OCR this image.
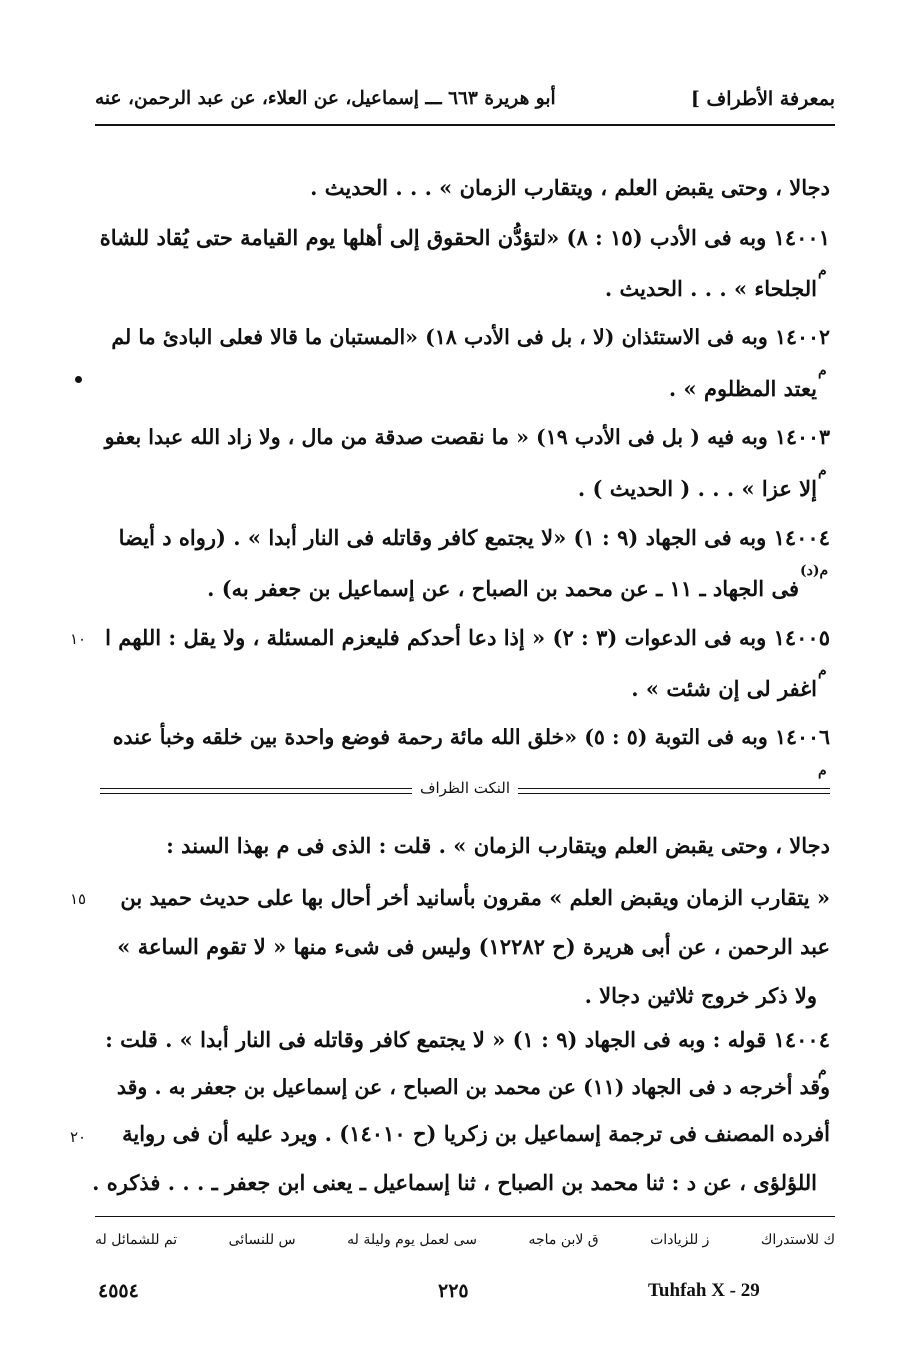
بمعرفة الأطراف ]
أبو هريرة ٦٦٣ ـــ إسماعيل، عن العلاء، عن عبد الرحمن، عنه
دجالا ، وحتى يقبض العلم ، ويتقارب الزمان » . . . الحديث .
١٤٠٠١ وبه فى الأدب (١٥ : ٨) «لتؤدُّن الحقوق إلى أهلها يوم القيامة حتى يُقاد للشاة
الجلحاء » . . . الحديث .
١٤٠٠٢ وبه فى الاستئذان (لا ، بل فى الأدب ١٨) «المستبان ما قالا فعلى البادئ ما لم
يعتد المظلوم » .
١٤٠٠٣ وبه فيه ( بل فى الأدب ١٩) « ما نقصت صدقة من مال ، ولا زاد الله عبدا بعفو
إلا عزا » . . . ( الحديث ) .
١٤٠٠٤ وبه فى الجهاد (٩ : ١) «لا يجتمع كافر وقاتله فى النار أبدا » . (رواه د أيضا
فى الجهاد ـ ١١ ـ عن محمد بن الصباح ، عن إسماعيل بن جعفر به) .
١٤٠٠٥ وبه فى الدعوات (٣ : ٢) « إذا دعا أحدكم فليعزم المسئلة ، ولا يقل : اللهم ا
اغفر لى إن شئت » .
١٤٠٠٦ وبه فى التوبة (٥ : ٥) «خلق الله مائة رحمة فوضع واحدة بين خلقه وخبأ عنده
م
م
م
م(د)
م
م
م
١٠
١٥
٢٠
النكت الظراف
دجالا ، وحتى يقبض العلم ويتقارب الزمان » . قلت : الذى فى م بهذا السند :
« يتقارب الزمان ويقبض العلم » مقرون بأسانيد أخر أحال بها على حديث حميد بن
عبد الرحمن ، عن أبى هريرة (ح ١٢٢٨٢) وليس فى شىء منها « لا تقوم الساعة »
ولا ذكر خروج ثلاثين دجالا .
١٤٠٠٤ قوله : وبه فى الجهاد (٩ : ١) « لا يجتمع كافر وقاتله فى النار أبدا » . قلت :
وقد أخرجه د فى الجهاد (١١) عن محمد بن الصباح ، عن إسماعيل بن جعفر به . وقد
أفرده المصنف فى ترجمة إسماعيل بن زكريا (ح ١٤٠١٠) . ويرد عليه أن فى رواية
اللؤلؤى ، عن د : ثنا محمد بن الصباح ، ثنا إسماعيل ـ يعنى ابن جعفر ـ . . . فذكره .
تم للشمائل له	س للنسائى	سى لعمل يوم وليلة له	ق لابن ماجه	ز للزيادات	ك للاستدراك
٤٥٥٤	٢٢٥	Tuhfah X - 29
